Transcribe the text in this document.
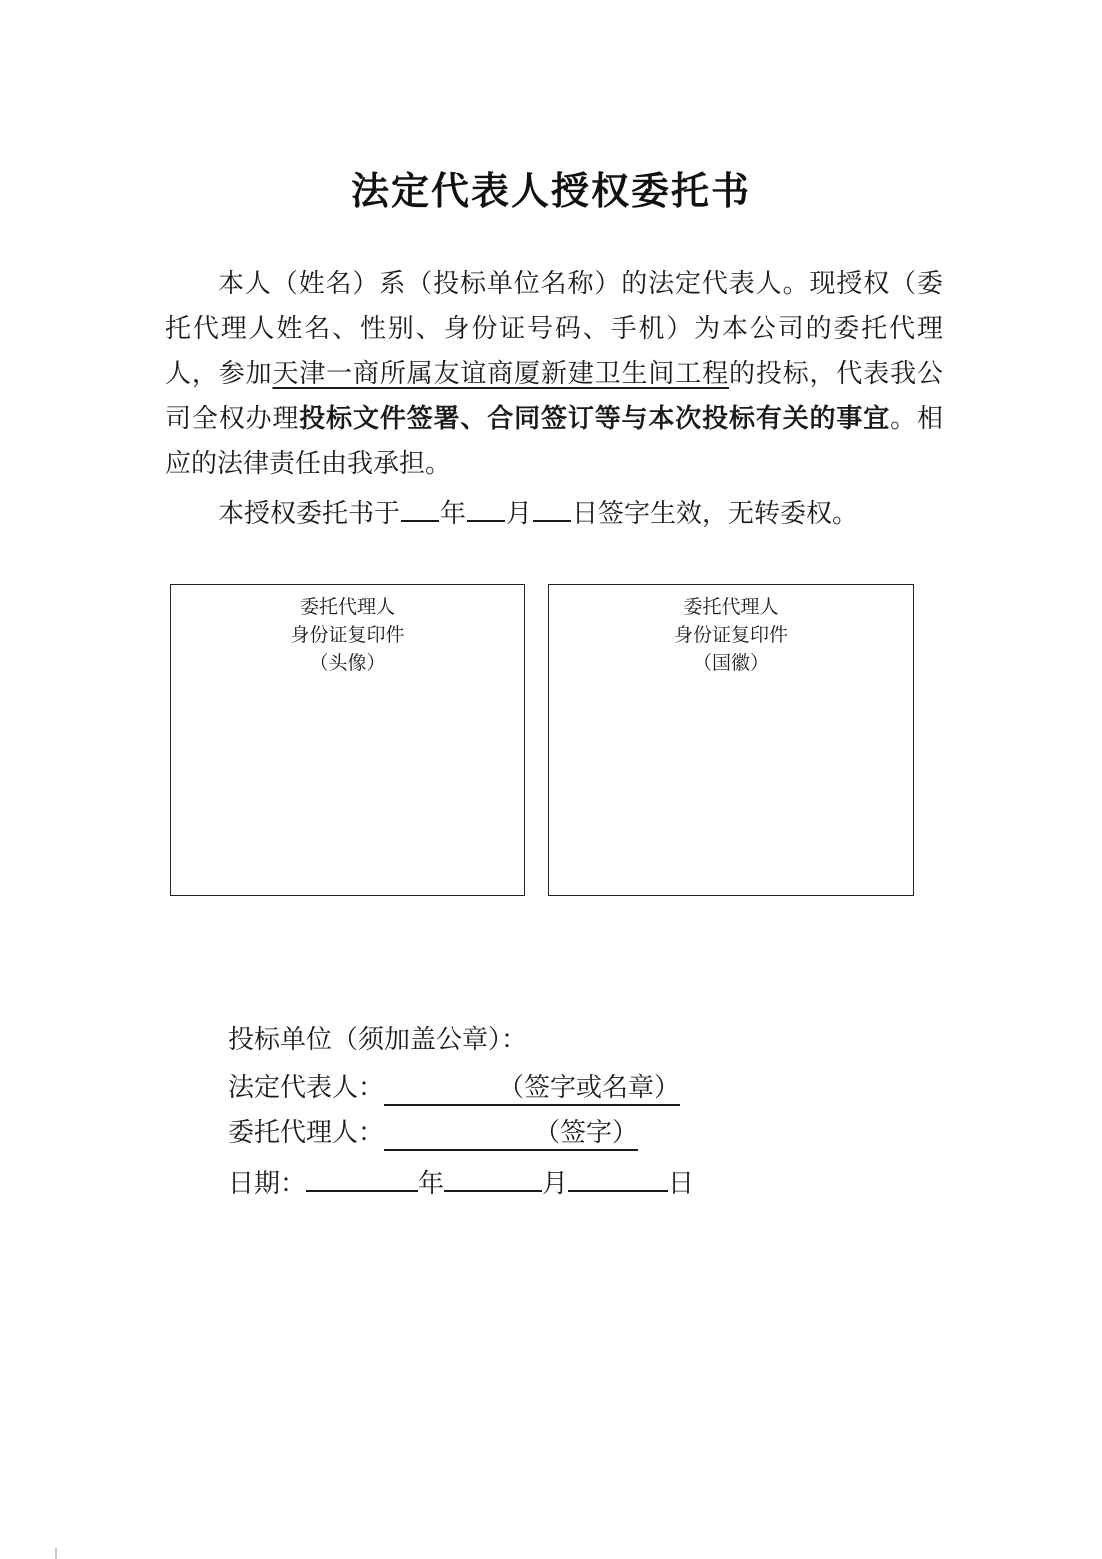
法定代表人授权委托书
本人（姓名）系（投标单位名称）的法定代表人。现授权（委托代理人姓名、性别、身份证号码、手机）为本公司的委托代理人，参加天津一商所属友谊商厦新建卫生间工程的投标，代表我公司全权办理投标文件签署、合同签订等与本次投标有关的事宜。相应的法律责任由我承担。
本授权委托书于 年 月 日签字生效，无转委权。
委托代理人
身份证复印件
（头像）
委托代理人
身份证复印件
（国徽）
投标单位（须加盖公章）：
法定代表人：	（签字或名章）
委托代理人：	（签字）
日期：	年	月	日
